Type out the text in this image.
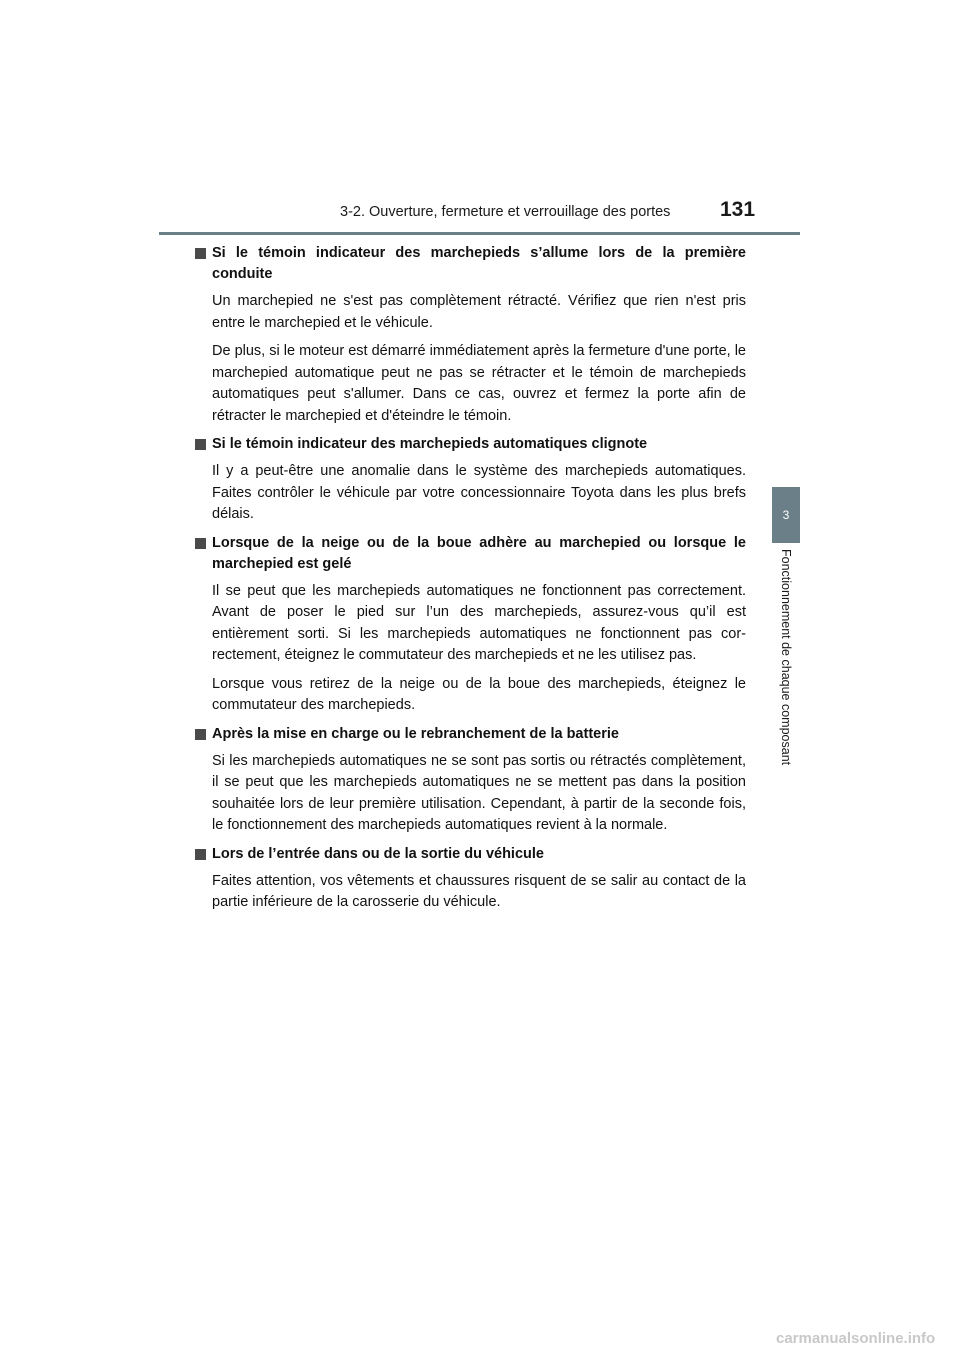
3-2. Ouverture, fermeture et verrouillage des portes 131
3
Fonctionnement de chaque composant
Si le témoin indicateur des marchepieds s’allume lors de la première conduite

Un marchepied ne s'est pas complètement rétracté. Vérifiez que rien n'est pris entre le marchepied et le véhicule.

De plus, si le moteur est démarré immédiatement après la fermeture d'une porte, le marchepied automatique peut ne pas se rétracter et le témoin de marchepieds automatiques peut s'allumer. Dans ce cas, ouvrez et fermez la porte afin de rétracter le marchepied et d'éteindre le témoin.

Si le témoin indicateur des marchepieds automatiques clignote

Il y a peut-être une anomalie dans le système des marchepieds automatiques. Faites contrôler le véhicule par votre concessionnaire Toyota dans les plus brefs délais.

Lorsque de la neige ou de la boue adhère au marchepied ou lorsque le marchepied est gelé

Il se peut que les marchepieds automatiques ne fonctionnent pas correctement. Avant de poser le pied sur l’un des marchepieds, assurez-vous qu’il est entièrement sorti. Si les marchepieds automatiques ne fonctionnent pas correctement, éteignez le commutateur des marchepieds et ne les utilisez pas.

Lorsque vous retirez de la neige ou de la boue des marchepieds, éteignez le commutateur des marchepieds.

Après la mise en charge ou le rebranchement de la batterie

Si les marchepieds automatiques ne se sont pas sortis ou rétractés complètement, il se peut que les marchepieds automatiques ne se mettent pas dans la position souhaitée lors de leur première utilisation. Cependant, à partir de la seconde fois, le fonctionnement des marchepieds automatiques revient à la normale.

Lors de l’entrée dans ou de la sortie du véhicule

Faites attention, vos vêtements et chaussures risquent de se salir au contact de la partie inférieure de la carosserie du véhicule.

carmanualsonline.info
